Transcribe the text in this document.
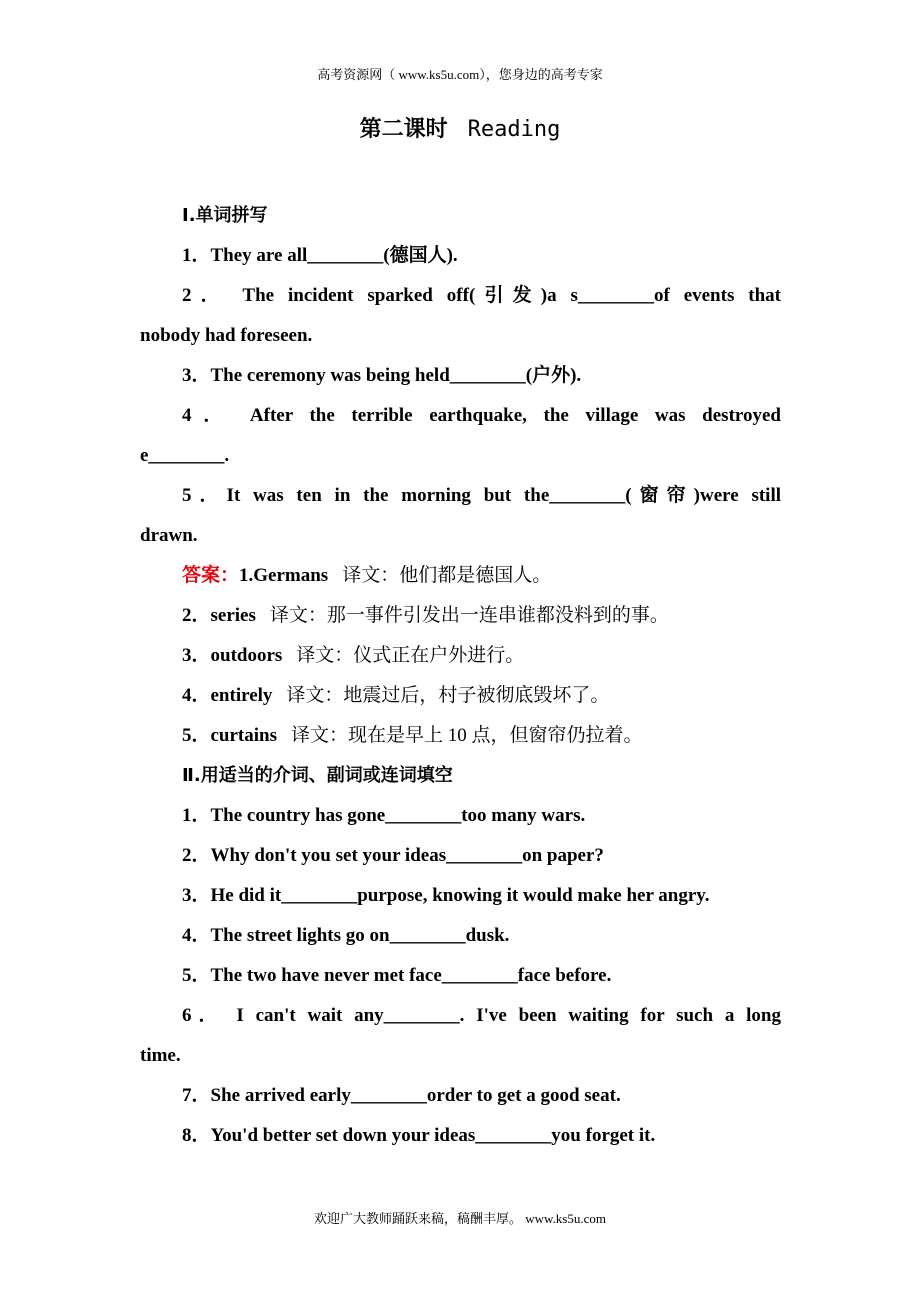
高考资源网（ www.ks5u.com），您身边的高考专家
第二课时 Reading
Ⅰ.单词拼写
1．They are all________(德国人).
2． The incident sparked off(引发)a s________of events that
nobody had foreseen.
3．The ceremony was being held________(户外).
4． After the terrible earthquake, the village was destroyed
e________.
5．It was ten in the morning but the________(窗帘)were still
drawn.
答案：1.Germans 译文：他们都是德国人。
2．series 译文：那一事件引发出一连串谁都没料到的事。
3．outdoors 译文：仪式正在户外进行。
4．entirely 译文：地震过后，村子被彻底毁坏了。
5．curtains 译文：现在是早上 10 点，但窗帘仍拉着。
Ⅱ.用适当的介词、副词或连词填空
1．The country has gone________too many wars.
2．Why don't you set your ideas________on paper?
3．He did it________purpose, knowing it would make her angry.
4．The street lights go on________dusk.
5．The two have never met face________face before.
6． I can't wait any________. I've been waiting for such a long
time.
7．She arrived early________order to get a good seat.
8．You'd better set down your ideas________you forget it.
欢迎广大教师踊跃来稿，稿酬丰厚。 www.ks5u.com
